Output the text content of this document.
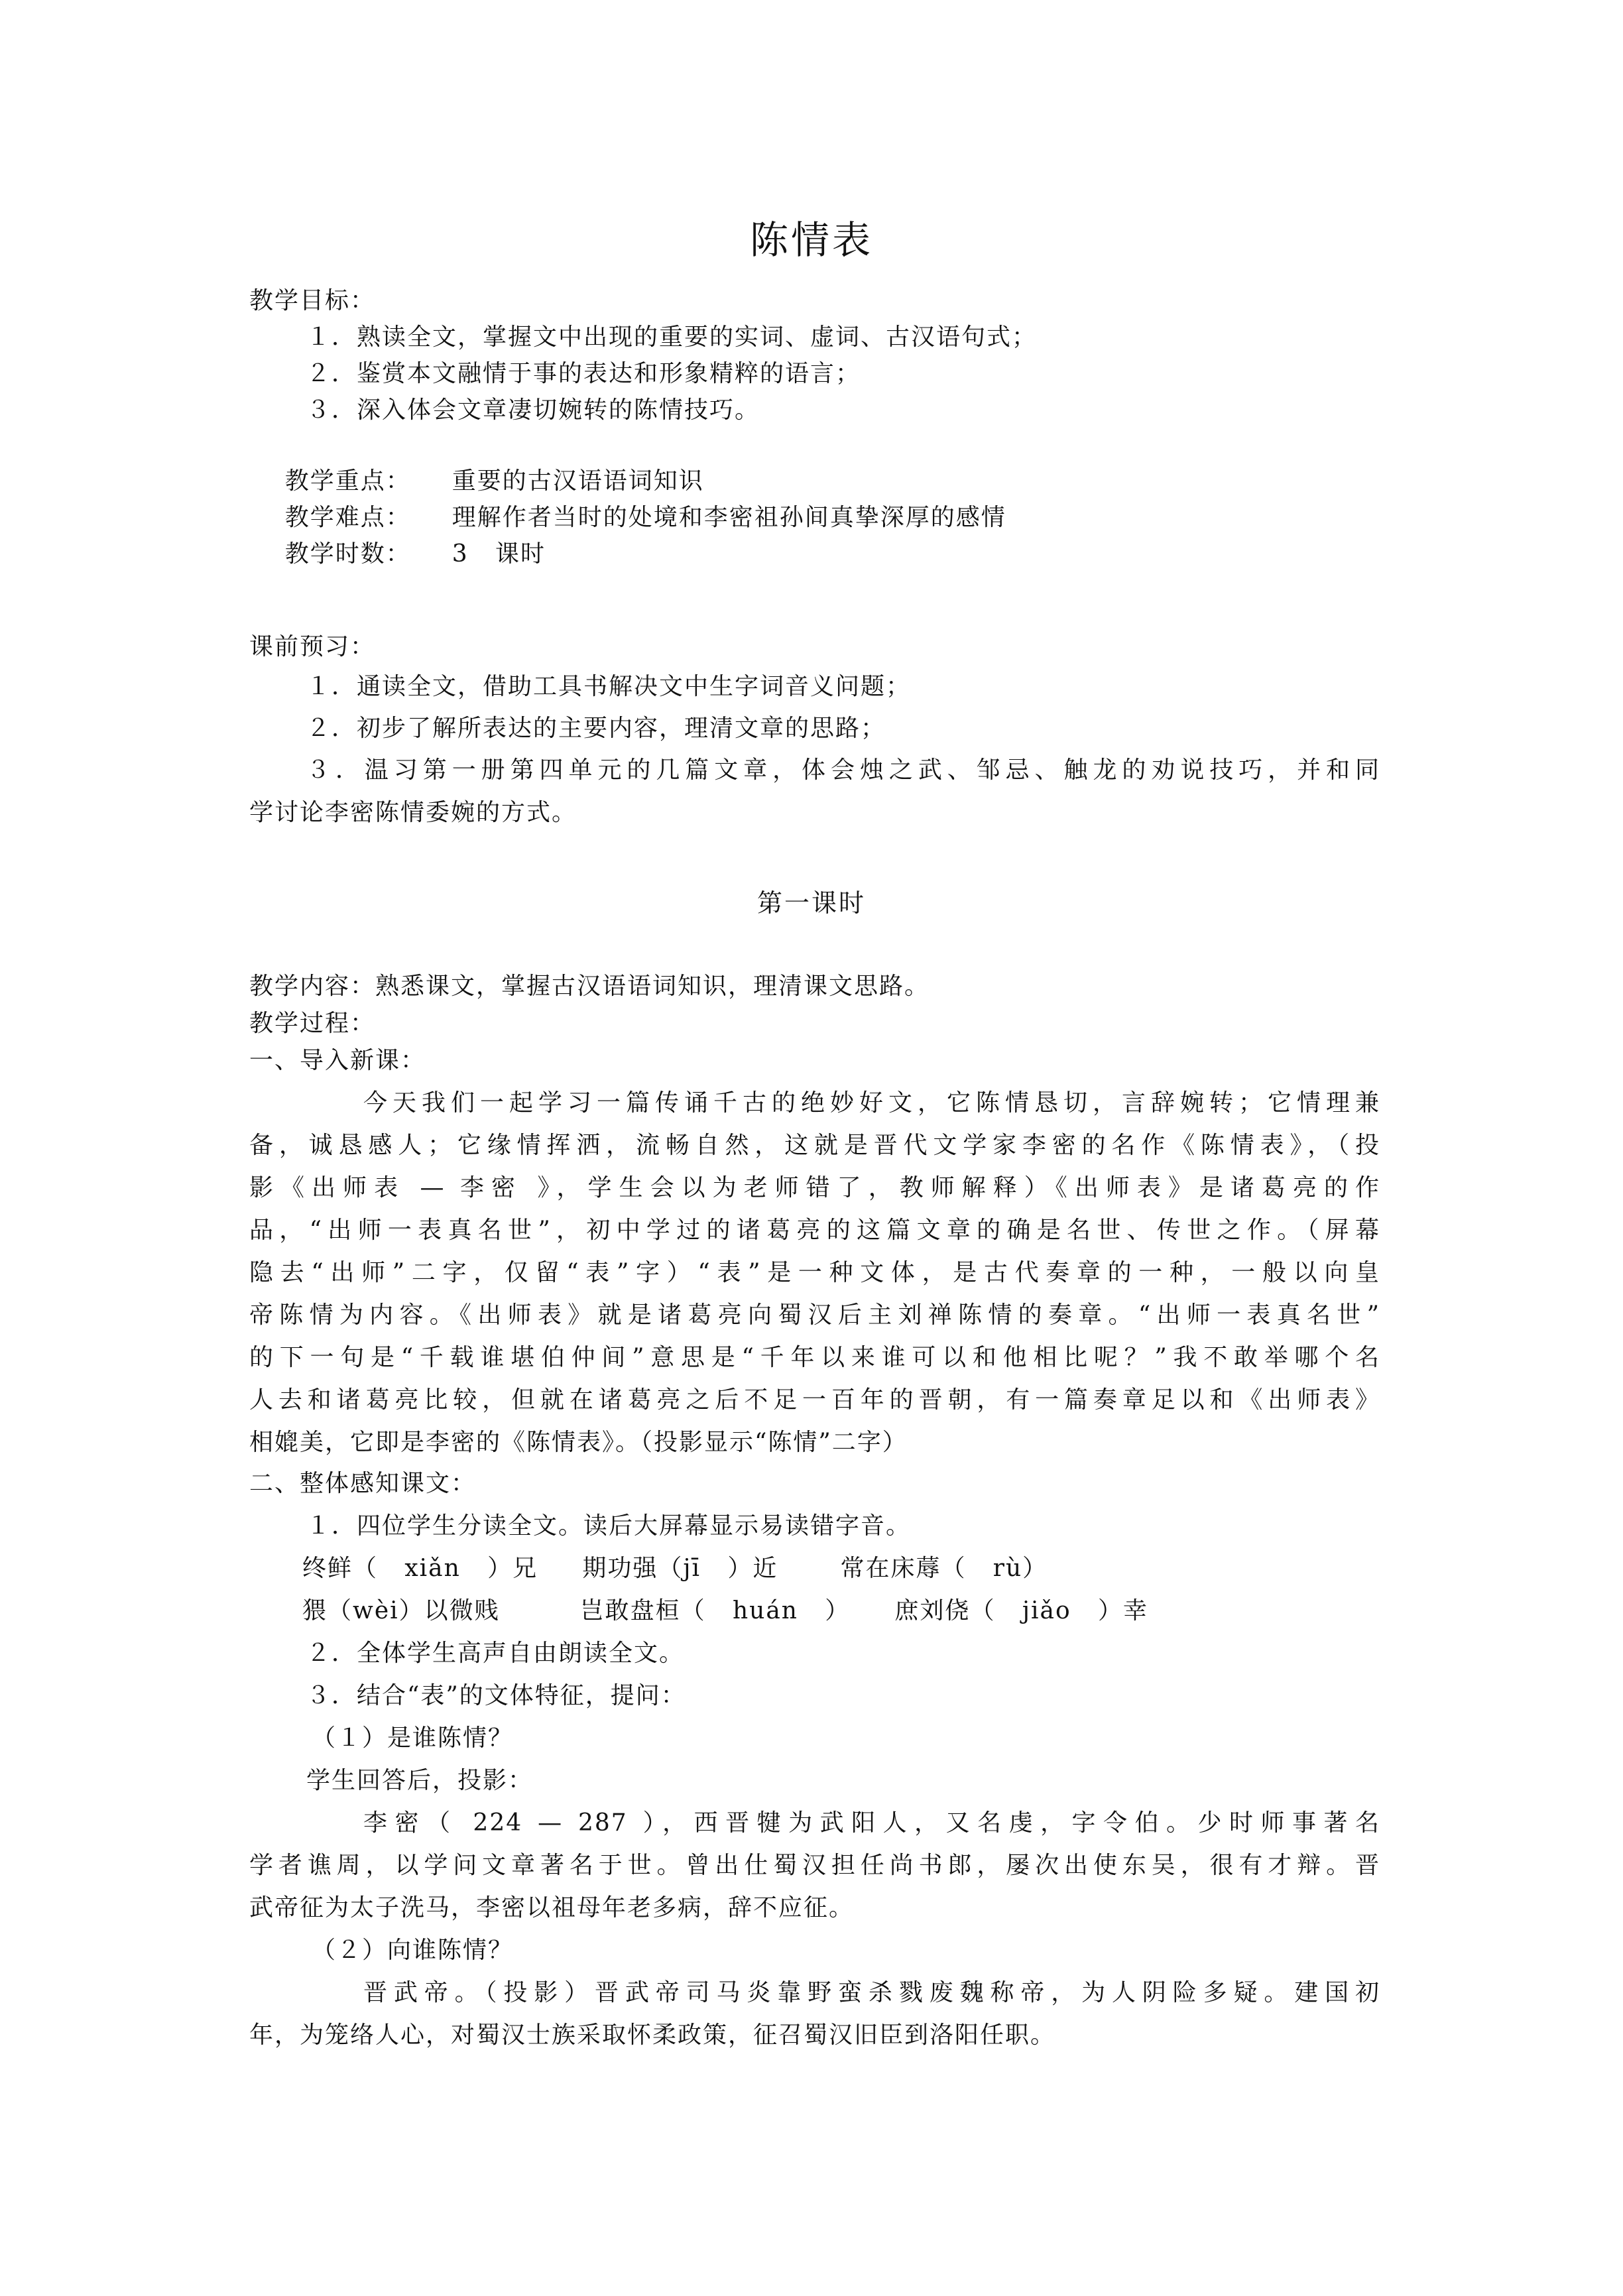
陈情表
教学目标：
１．熟读全文，掌握文中出现的重要的实词、虚词、古汉语句式；
２．鉴赏本文融情于事的表达和形象精粹的语言；
３．深入体会文章凄切婉转的陈情技巧。

教学重点： 重要的古汉语语词知识

教学难点： 理解作者当时的处境和李密祖孙间真挚深厚的感情

教学时数： 3   课时

课前预习：
１．通读全文，借助工具书解决文中生字词音义问题；
２．初步了解所表达的主要内容，理清文章的思路；
３．温习第一册第四单元的几篇文章，体会烛之武、邹忌、触龙的劝说技巧，并和同
学讨论李密陈情委婉的方式。
第一课时
教学内容：熟悉课文，掌握古汉语语词知识，理清课文思路。
教学过程：
一、导入新课：
今天我们一起学习一篇传诵千古的绝妙好文，它陈情恳切，言辞婉转；它情理兼
备，诚恳感人；它缘情挥洒，流畅自然，这就是晋代文学家李密的名作《陈情表》，（投
影《出师表 — 李密 》，学生会以为老师错了，教师解释）《出师表》是诸葛亮的作
品，“出师一表真名世”，初中学过的诸葛亮的这篇文章的确是名世、传世之作。（屏幕
隐去“出师”二字，仅留“表”字）“表”是一种文体，是古代奏章的一种，一般以向皇
帝陈情为内容。《出师表》就是诸葛亮向蜀汉后主刘禅陈情的奏章。“出师一表真名世”
的下一句是“千载谁堪伯仲间”意思是“千年以来谁可以和他相比呢？”我不敢举哪个名
人去和诸葛亮比较，但就在诸葛亮之后不足一百年的晋朝，有一篇奏章足以和《出师表》
相媲美，它即是李密的《陈情表》。（投影显示“陈情”二字）
二、整体感知课文：
１．四位学生分读全文。读后大屏幕显示易读错字音。
终鲜（   xiǎn   ）兄     期功强（jī   ）近       常在床蓐（   rù）
猥（wèi）以微贱         岂敢盘桓（   huán   ）     庶刘侥（   jiǎo   ）幸
２．全体学生高声自由朗读全文。
３．结合“表”的文体特征，提问：
（１）是谁陈情？
学生回答后，投影：
李密（ 224 — 287 ），西晋犍为武阳人，又名虔，字令伯。少时师事著名
学者谯周，以学问文章著名于世。曾出仕蜀汉担任尚书郎，屡次出使东吴，很有才辩。晋
武帝征为太子洗马，李密以祖母年老多病，辞不应征。
（２）向谁陈情？
晋武帝。（投影）晋武帝司马炎靠野蛮杀戮废魏称帝，为人阴险多疑。建国初
年，为笼络人心，对蜀汉士族采取怀柔政策，征召蜀汉旧臣到洛阳任职。
